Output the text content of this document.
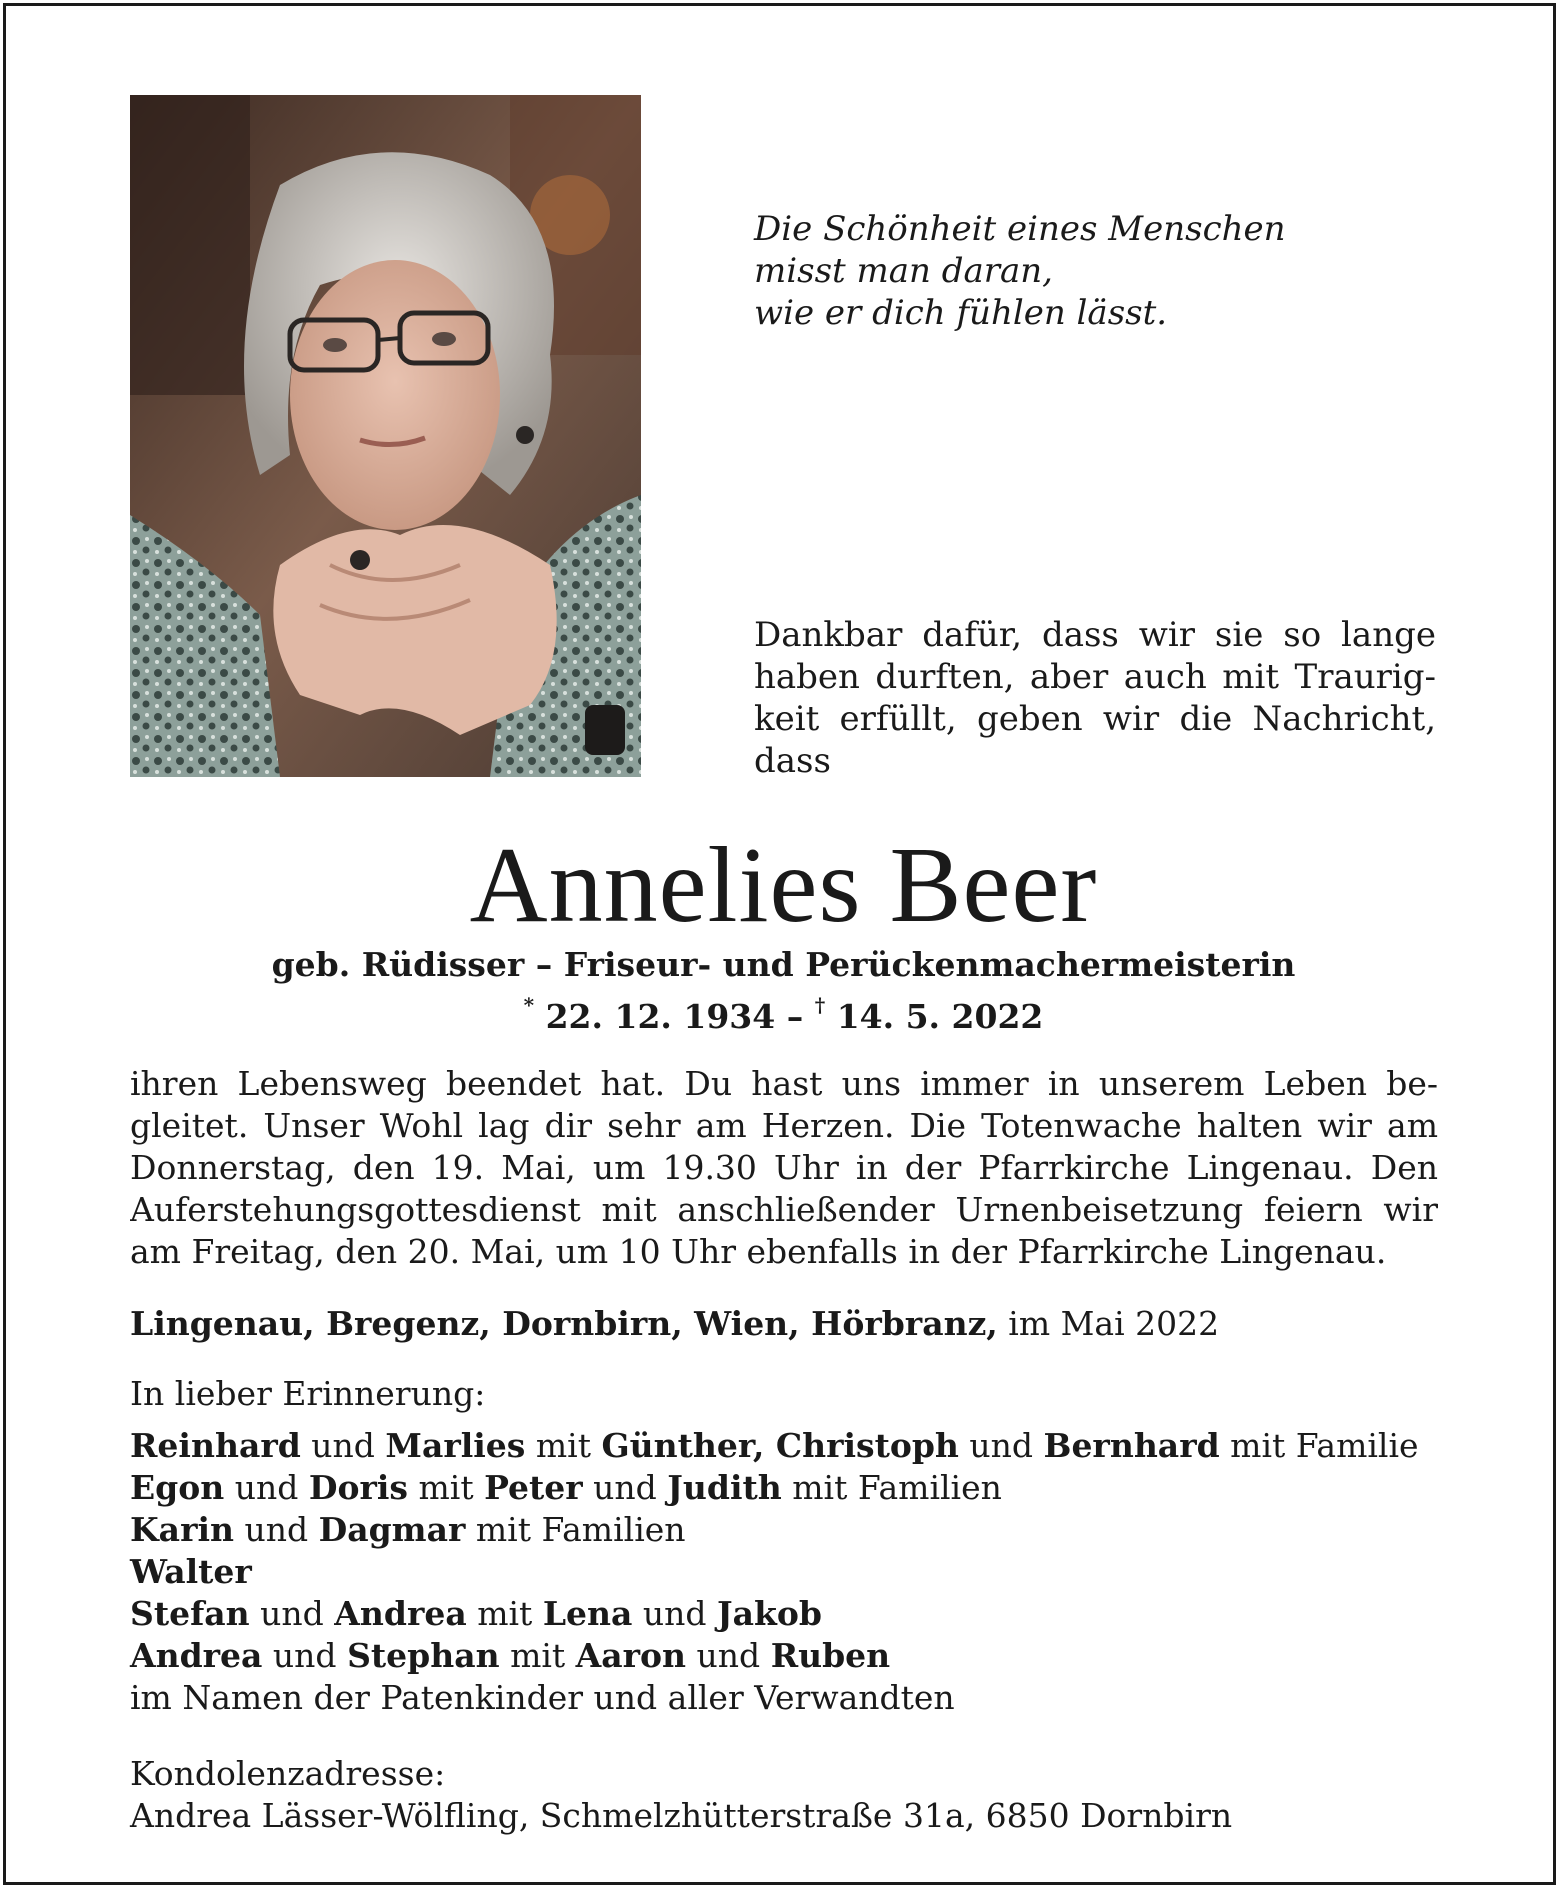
Die Schönheit eines Menschen
misst man daran,
wie er dich fühlen lässt.
Dankbar dafür, dass wir sie so lange
haben durften, aber auch mit Traurig-
keit erfüllt, geben wir die Nachricht,
dass
Annelies Beer
geb. Rüdisser – Friseur- und Perückenmachermeisterin
* 22. 12. 1934 – † 14. 5. 2022
ihren Lebensweg beendet hat. Du hast uns immer in unserem Leben be-
gleitet. Unser Wohl lag dir sehr am Herzen. Die Totenwache halten wir am
Donnerstag, den 19. Mai, um 19.30 Uhr in der Pfarrkirche Lingenau. Den
Auferstehungsgottesdienst mit anschließender Urnenbeisetzung feiern wir
am Freitag, den 20. Mai, um 10 Uhr ebenfalls in der Pfarrkirche Lingenau.
Lingenau, Bregenz, Dornbirn, Wien, Hörbranz, im Mai 2022
In lieber Erinnerung:
Reinhard und Marlies mit Günther, Christoph und Bernhard mit Familie
Egon und Doris mit Peter und Judith mit Familien
Karin und Dagmar mit Familien
Walter
Stefan und Andrea mit Lena und Jakob
Andrea und Stephan mit Aaron und Ruben
im Namen der Patenkinder und aller Verwandten
Kondolenzadresse:
Andrea Lässer-Wölfling, Schmelzhütterstraße 31a, 6850 Dornbirn
